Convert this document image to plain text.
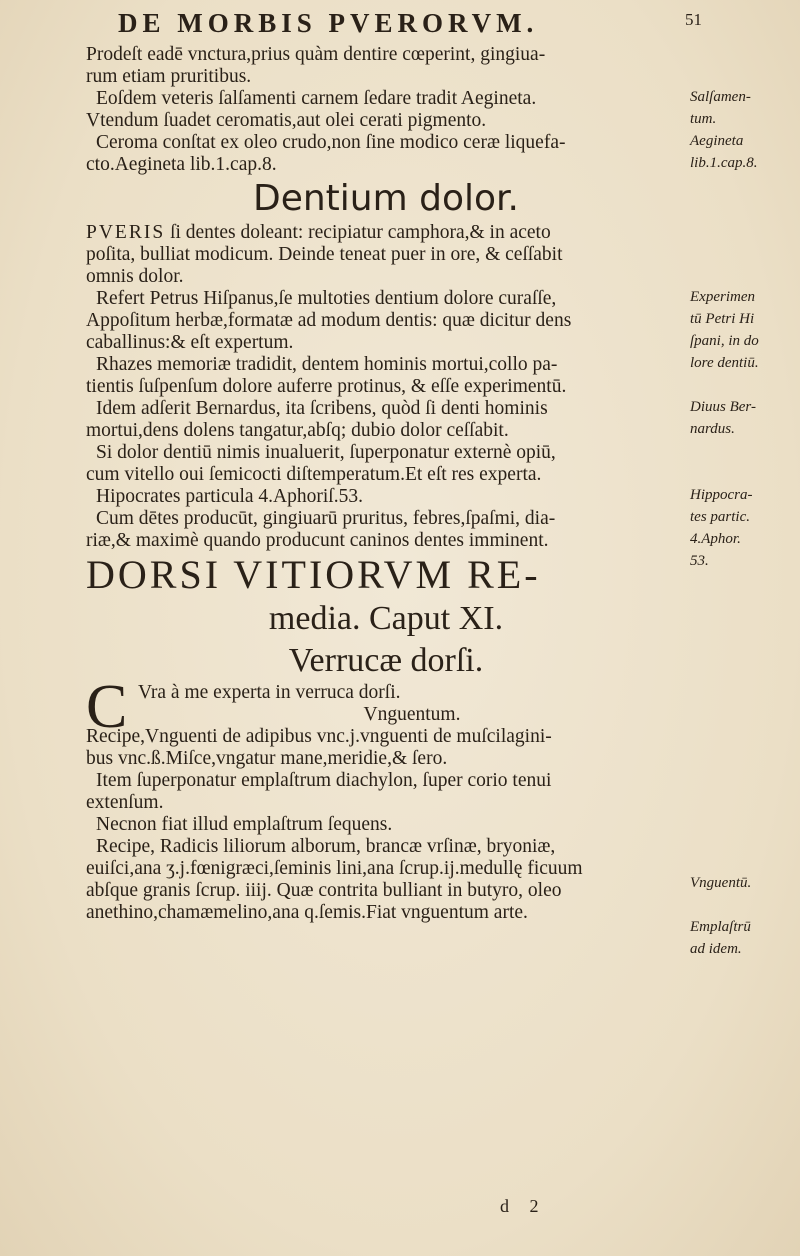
DE MORBIS PVERORVM.	51
Prodeſt eadē vnctura,prius quàm dentire cœperint, gingiua-
rum etiam pruritibus.
Eoſdem veteris ſalſamenti carnem ſedare tradit Aegineta.
Vtendum ſuadet ceromatis,aut olei cerati pigmento.
Ceroma conſtat ex oleo crudo,non ſine modico ceræ liquefa-
cto.Aegineta lib.1.cap.8.
Dentium dolor.
PVERIS ſi dentes doleant: recipiatur camphora,& in aceto
poſita, bulliat modicum. Deinde teneat puer in ore, & ceſſabit
omnis dolor.
Refert Petrus Hiſpanus,ſe multoties dentium dolore curaſſe,
Appoſitum herbæ,formatæ ad modum dentis: quæ dicitur dens
caballinus:& eſt expertum.
Rhazes memoriæ tradidit, dentem hominis mortui,collo pa-
tientis ſuſpenſum dolore auferre protinus, & eſſe experimentū.
Idem adſerit Bernardus, ita ſcribens, quòd ſi denti hominis
mortui,dens dolens tangatur,abſq; dubio dolor ceſſabit.
Si dolor dentiū nimis inualuerit, ſuperponatur externè opiū,
cum vitello oui ſemicocti diſtemperatum.Et eſt res experta.
Hipocrates particula 4.Aphoriſ.53.
Cum dētes producūt, gingiuarū pruritus, febres,ſpaſmi, dia-
riæ,& maximè quando producunt caninos dentes imminent.
DORSI VITIORVM RE-
media. Caput XI.
Verrucæ dorſi.
C Vra à me experta in verruca dorſi.
Vnguentum.
Recipe,Vnguenti de adipibus vnc.j.vnguenti de muſcilagini-
bus vnc.ß.Miſce,vngatur mane,meridie,& ſero.
Item ſuperponatur emplaſtrum diachylon, ſuper corio tenui
extenſum.
Necnon fiat illud emplaſtrum ſequens.
Recipe, Radicis liliorum alborum, brancæ vrſinæ, bryoniæ,
euiſci,ana ʒ.j.fœnigræci,ſeminis lini,ana ſcrup.ij.medullę ficuum
abſque granis ſcrup. iiij. Quæ contrita bulliant in butyro, oleo
anethino,chamæmelino,ana q.ſemis.Fiat vnguentum arte.
Salſamen-
tum.
Aegineta
lib.1.cap.8.
Experimen
tū Petri Hi
ſpani, in do
lore dentiū.
Diuus Ber-
nardus.
Hippocra-
tes partic.
4.Aphor.
53.
Vnguentū.
Emplaſtrū
ad idem.
d 2
